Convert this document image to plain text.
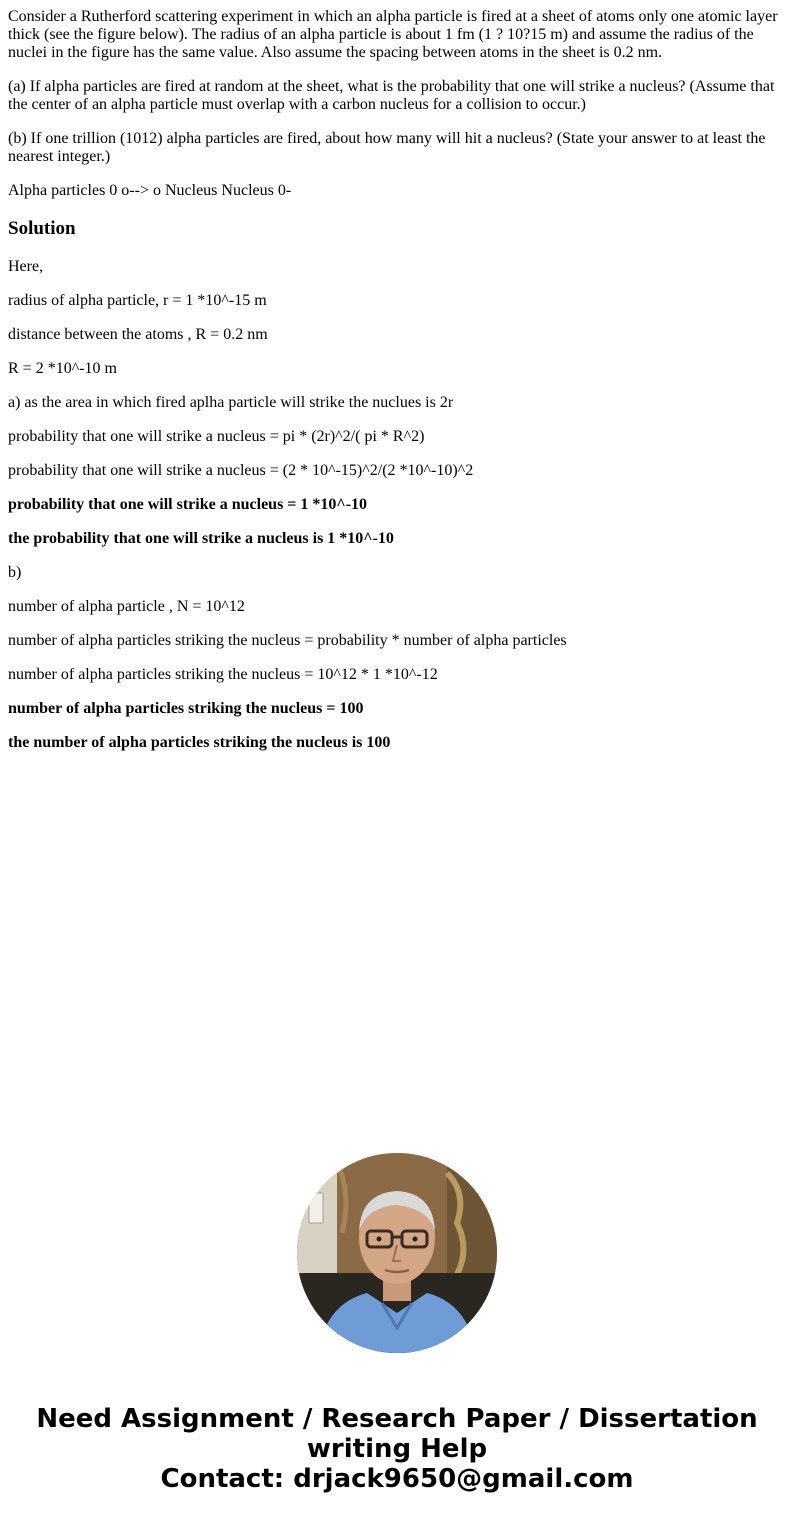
Consider a Rutherford scattering experiment in which an alpha particle is fired at a sheet of atoms only one atomic layer thick (see the figure below). The radius of an alpha particle is about 1 fm (1 ? 10?15 m) and assume the radius of the nuclei in the figure has the same value. Also assume the spacing between atoms in the sheet is 0.2 nm.

(a) If alpha particles are fired at random at the sheet, what is the probability that one will strike a nucleus? (Assume that the center of an alpha particle must overlap with a carbon nucleus for a collision to occur.)

(b) If one trillion (1012) alpha particles are fired, about how many will hit a nucleus? (State your answer to at least the nearest integer.)

Alpha particles 0 o--> o Nucleus Nucleus 0-

Solution

Here,

radius of alpha particle, r = 1 *10^-15 m

distance between the atoms , R = 0.2 nm

R = 2 *10^-10 m

a) as the area in which fired aplha particle will strike the nuclues is 2r

probability that one will strike a nucleus = pi * (2r)^2/( pi * R^2)

probability that one will strike a nucleus = (2 * 10^-15)^2/(2 *10^-10)^2

probability that one will strike a nucleus = 1 *10^-10

the probability that one will strike a nucleus is 1 *10^-10

b)

number of alpha particle , N = 10^12

number of alpha particles striking the nucleus = probability * number of alpha particles

number of alpha particles striking the nucleus = 10^12 * 1 *10^-12

number of alpha particles striking the nucleus = 100

the number of alpha particles striking the nucleus is 100

Need Assignment / Research Paper / Dissertation
writing Help
Contact: drjack9650@gmail.com
